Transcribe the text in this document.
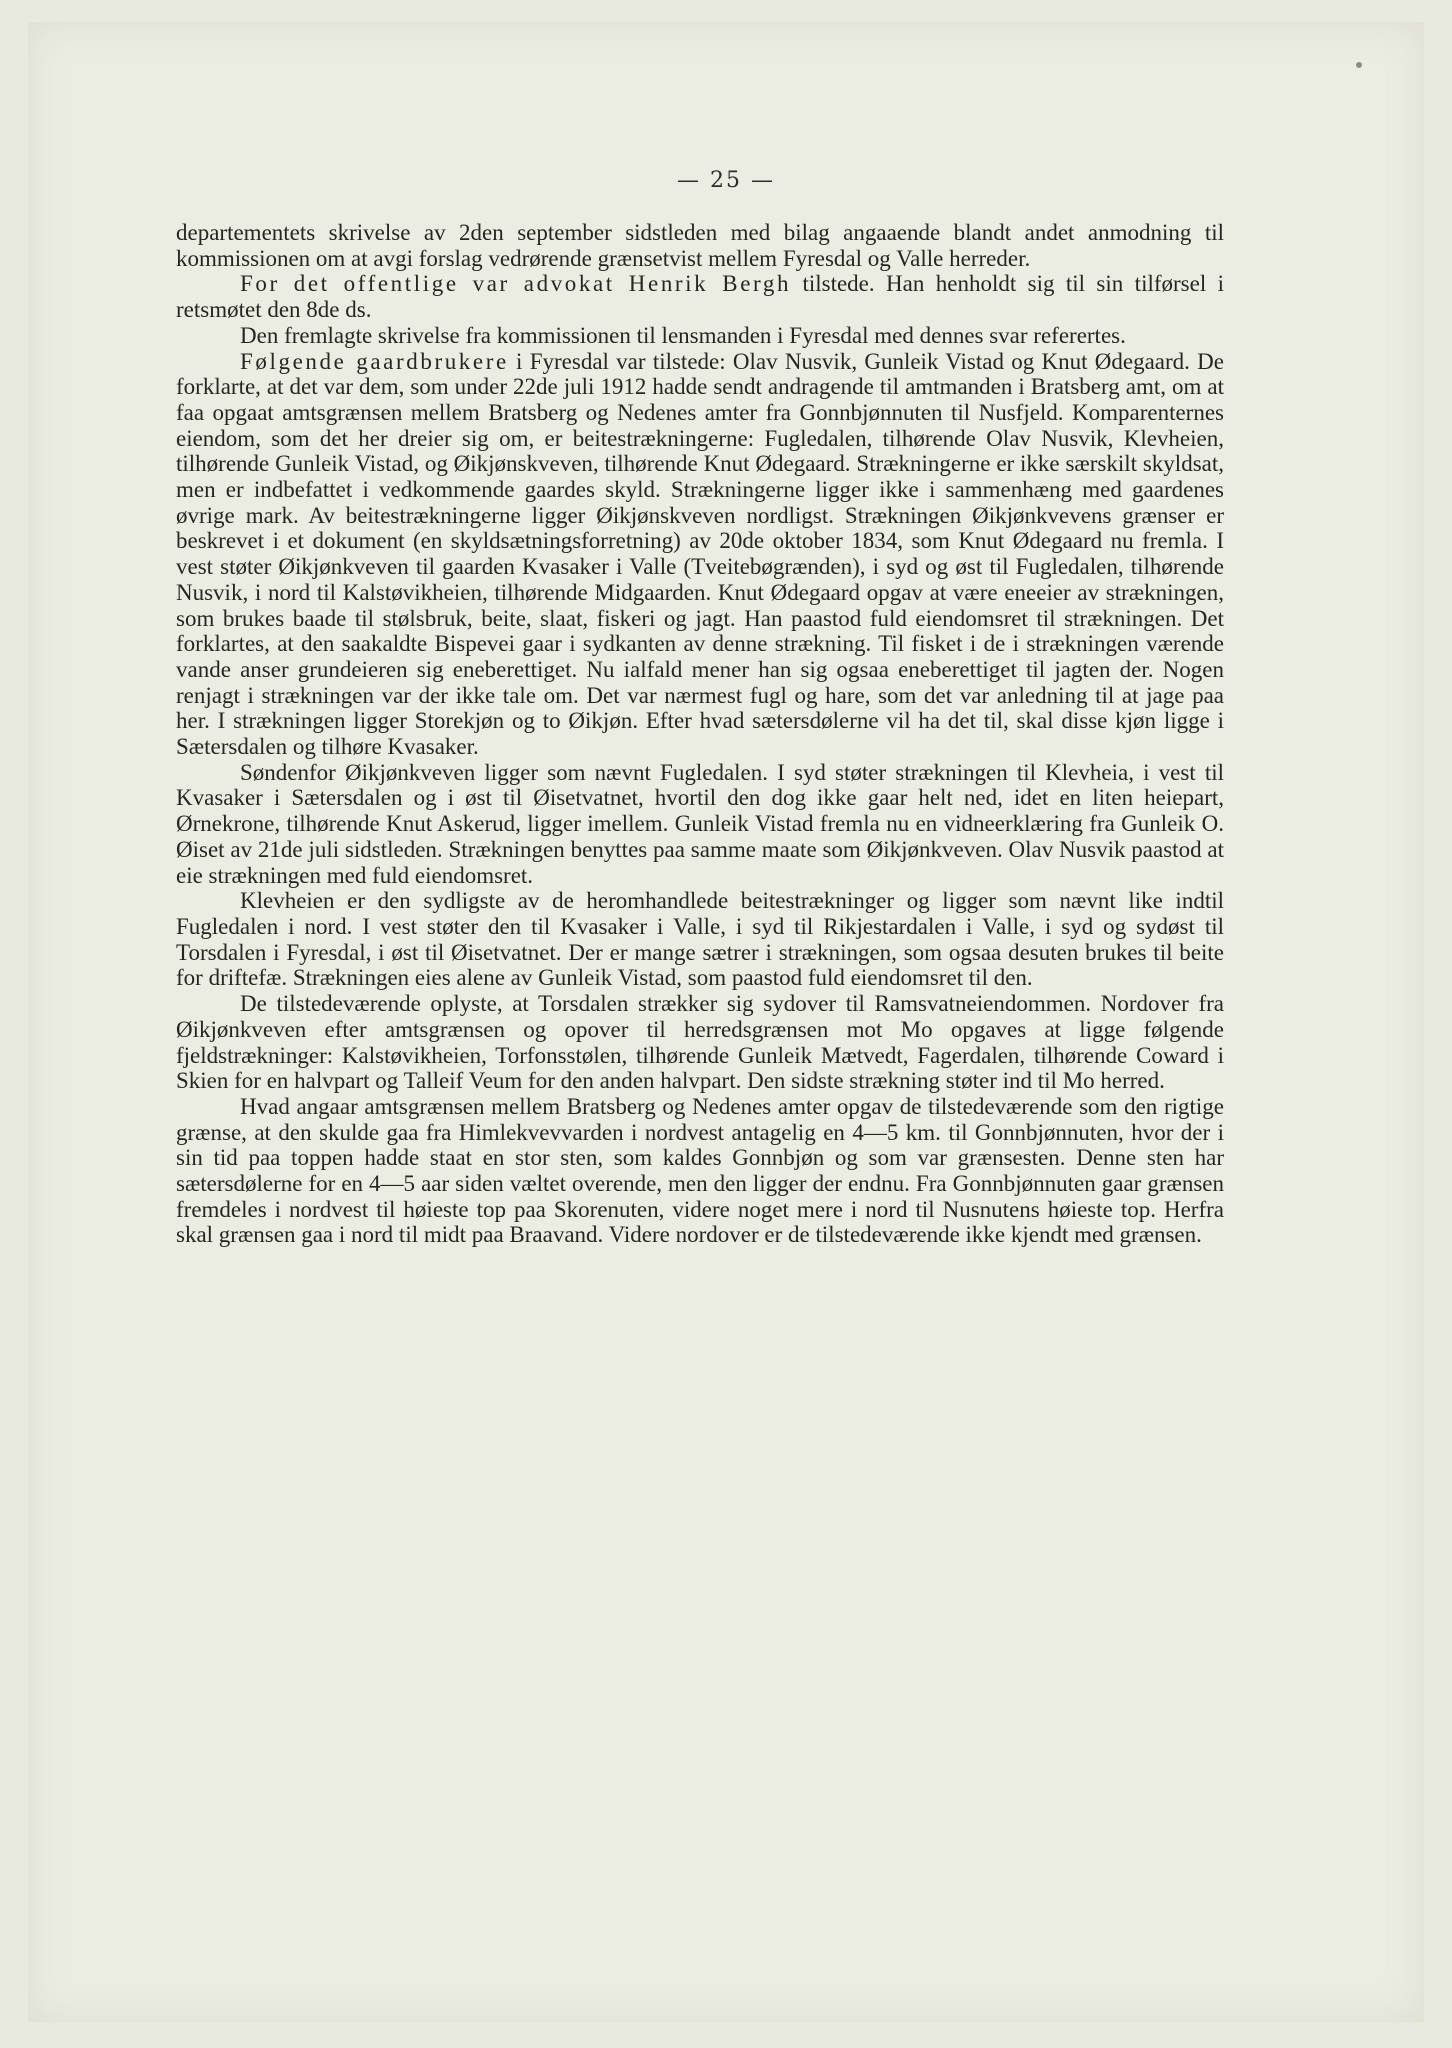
— 25 —

departementets skrivelse av 2den september sidstleden med bilag angaaende blandt andet anmodning til kommissionen om at avgi forslag vedrørende grænsetvist mellem Fyresdal og Valle herreder.

For det offentlige var advokat Henrik Bergh tilstede. Han henholdt sig til sin tilførsel i retsmøtet den 8de ds.

Den fremlagte skrivelse fra kommissionen til lensmanden i Fyresdal med dennes svar referertes.

Følgende gaardbrukere i Fyresdal var tilstede: Olav Nusvik, Gunleik Vistad og Knut Ødegaard. De forklarte, at det var dem, som under 22de juli 1912 hadde sendt andragende til amtmanden i Bratsberg amt, om at faa opgaat amtsgrænsen mellem Bratsberg og Nedenes amter fra Gonnbjønnuten til Nusfjeld. Komparenternes eiendom, som det her dreier sig om, er beitestrækningerne: Fugledalen, tilhørende Olav Nusvik, Klevheien, tilhørende Gunleik Vistad, og Øikjønskveven, tilhørende Knut Ødegaard. Strækningerne er ikke særskilt skyldsat, men er indbefattet i vedkommende gaardes skyld. Strækningerne ligger ikke i sammenhæng med gaardenes øvrige mark. Av beitestrækningerne ligger Øikjønskveven nordligst. Strækningen Øikjønkvevens grænser er beskrevet i et dokument (en skyldsætningsforretning) av 20de oktober 1834, som Knut Ødegaard nu fremla. I vest støter Øikjønkveven til gaarden Kvasaker i Valle (Tveitebøgrænden), i syd og øst til Fugledalen, tilhørende Nusvik, i nord til Kalstøvikheien, tilhørende Midgaarden. Knut Ødegaard opgav at være eneeier av strækningen, som brukes baade til stølsbruk, beite, slaat, fiskeri og jagt. Han paastod fuld eiendomsret til strækningen. Det forklartes, at den saakaldte Bispevei gaar i sydkanten av denne strækning. Til fisket i de i strækningen værende vande anser grundeieren sig eneberettiget. Nu ialfald mener han sig ogsaa eneberettiget til jagten der. Nogen renjagt i strækningen var der ikke tale om. Det var nærmest fugl og hare, som det var anledning til at jage paa her. I strækningen ligger Storekjøn og to Øikjøn. Efter hvad sætersdølerne vil ha det til, skal disse kjøn ligge i Sætersdalen og tilhøre Kvasaker.

Søndenfor Øikjønkveven ligger som nævnt Fugledalen. I syd støter strækningen til Klevheia, i vest til Kvasaker i Sætersdalen og i øst til Øisetvatnet, hvortil den dog ikke gaar helt ned, idet en liten heiepart, Ørnekrone, tilhørende Knut Askerud, ligger imellem. Gunleik Vistad fremla nu en vidneerklæring fra Gunleik O. Øiset av 21de juli sidstleden. Strækningen benyttes paa samme maate som Øikjønkveven. Olav Nusvik paastod at eie strækningen med fuld eiendomsret.

Klevheien er den sydligste av de heromhandlede beitestrækninger og ligger som nævnt like indtil Fugledalen i nord. I vest støter den til Kvasaker i Valle, i syd til Rikjestardalen i Valle, i syd og sydøst til Torsdalen i Fyresdal, i øst til Øisetvatnet. Der er mange sætrer i strækningen, som ogsaa desuten brukes til beite for driftefæ. Strækningen eies alene av Gunleik Vistad, som paastod fuld eiendomsret til den.

De tilstedeværende oplyste, at Torsdalen strækker sig sydover til Ramsvatneiendommen. Nordover fra Øikjønkveven efter amtsgrænsen og opover til herredsgrænsen mot Mo opgaves at ligge følgende fjeldstrækninger: Kalstøvikheien, Torfonsstølen, tilhørende Gunleik Mætvedt, Fagerdalen, tilhørende Coward i Skien for en halvpart og Talleif Veum for den anden halvpart. Den sidste strækning støter ind til Mo herred.

Hvad angaar amtsgrænsen mellem Bratsberg og Nedenes amter opgav de tilstedeværende som den rigtige grænse, at den skulde gaa fra Himlekvevvarden i nordvest antagelig en 4—5 km. til Gonnbjønnuten, hvor der i sin tid paa toppen hadde staat en stor sten, som kaldes Gonnbjøn og som var grænsesten. Denne sten har sætersdølerne for en 4—5 aar siden væltet overende, men den ligger der endnu. Fra Gonnbjønnuten gaar grænsen fremdeles i nordvest til høieste top paa Skorenuten, videre noget mere i nord til Nusnutens høieste top. Herfra skal grænsen gaa i nord til midt paa Braavand. Videre nordover er de tilstedeværende ikke kjendt med grænsen.
